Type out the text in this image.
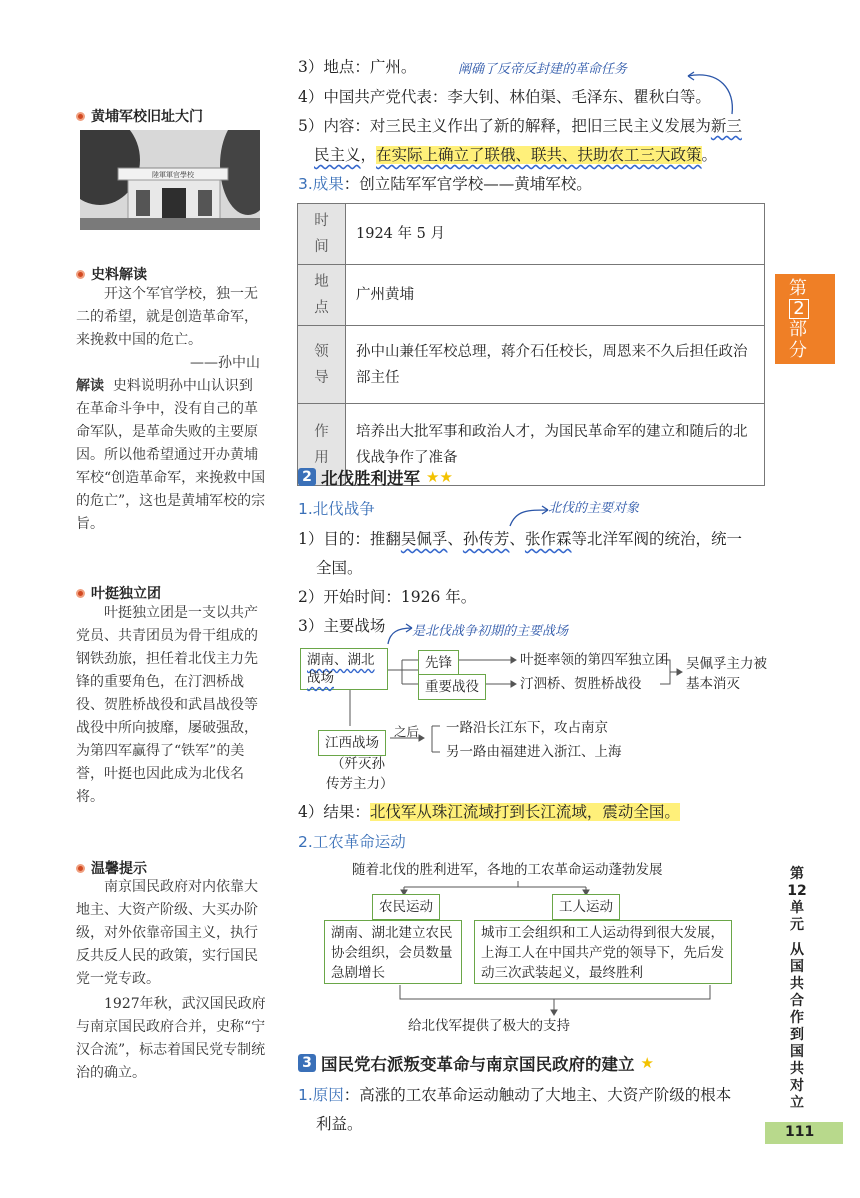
黄埔军校旧址大门
陸軍軍官學校
史料解读
开这个军官学校，独一无二的希望，就是创造革命军，来挽救中国的危亡。
——孙中山
解读 史料说明孙中山认识到在革命斗争中，没有自己的革命军队，是革命失败的主要原因。所以他希望通过开办黄埔军校“创造革命军，来挽救中国的危亡”，这也是黄埔军校的宗旨。
叶挺独立团
叶挺独立团是一支以共产党员、共青团员为骨干组成的钢铁劲旅，担任着北伐主力先锋的重要角色，在汀泗桥战役、贺胜桥战役和武昌战役等战役中所向披靡，屡破强敌，为第四军赢得了“铁军”的美誉，叶挺也因此成为北伐名将。
温馨提示
南京国民政府对内依靠大地主、大资产阶级、大买办阶级，对外依靠帝国主义，执行反共反人民的政策，实行国民党一党专政。
1927年秋，武汉国民政府与南京国民政府合并，史称“宁汉合流”，标志着国民党专制统治的确立。
3）地点：广州。	阐确了反帝反封建的革命任务
4）中国共产党代表：李大钊、林伯渠、毛泽东、瞿秋白等。
5）内容：对三民主义作出了新的解释，把旧三民主义发展为新三
民主义，在实际上确立了联俄、联共、扶助农工三大政策。
3.成果：创立陆军军官学校——黄埔军校。
时间	1924 年 5 月
地点	广州黄埔
领导	孙中山兼任军校总理，蒋介石任校长，周恩来不久后担任政治部主任
作用	培养出大批军事和政治人才，为国民革命军的建立和随后的北伐战争作了准备
2 北伐胜利进军 ★★
1.北伐战争	北伐的主要对象
1）目的：推翻吴佩孚、孙传芳、张作霖等北洋军阀的统治，统一
全国。
2）开始时间：1926 年。
3）主要战场 是北伐战争初期的主要战场
湖南、湖北战场
先锋	叶挺率领的第四军独立团
重要战役	汀泗桥、贺胜桥战役
吴佩孚主力被基本消灭
江西战场
（歼灭孙传芳主力）
之后 一路沿长江东下，攻占南京
另一路由福建进入浙江、上海
4）结果：北伐军从珠江流域打到长江流域，震动全国。
2.工农革命运动
随着北伐的胜利进军，各地的工农革命运动蓬勃发展
农民运动	工人运动
湖南、湖北建立农民协会组织，会员数量急剧增长
城市工会组织和工人运动得到很大发展，上海工人在中国共产党的领导下，先后发动三次武装起义，最终胜利
给北伐军提供了极大的支持
3 国民党右派叛变革命与南京国民政府的建立 ★
1.原因：高涨的工农革命运动触动了大地主、大资产阶级的根本
利益。
第
2
部
分
第
12
单
元
从
国
共
合
作
到
国
共
对
立
111
